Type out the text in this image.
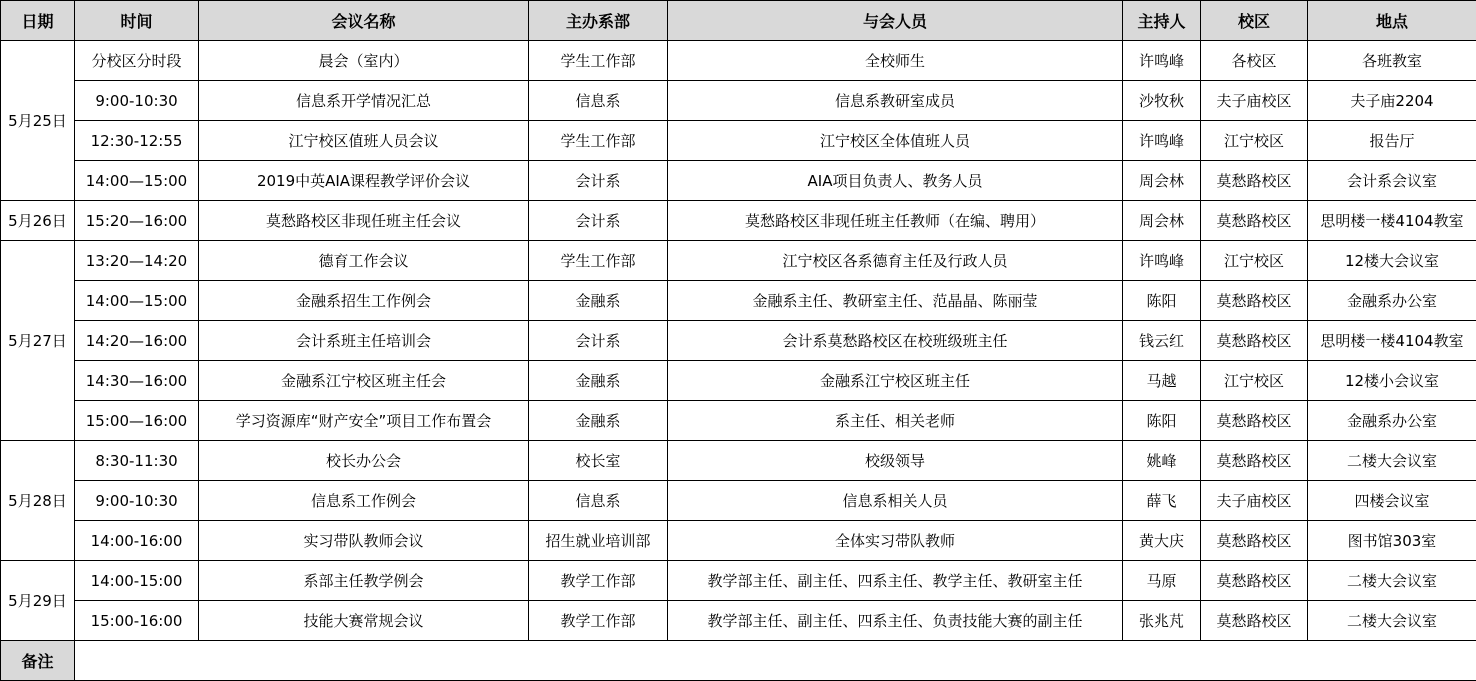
日期	时间	会议名称	主办系部	与会人员	主持人	校区	地点
5月25日	分校区分时段	晨会（室内）	学生工作部	全校师生	许鸣峰	各校区	各班教室
	9:00-10:30	信息系开学情况汇总	信息系	信息系教研室成员	沙牧秋	夫子庙校区	夫子庙2204
	12:30-12:55	江宁校区值班人员会议	学生工作部	江宁校区全体值班人员	许鸣峰	江宁校区	报告厅
	14:00—15:00	2019中英AIA课程教学评价会议	会计系	AIA项目负责人、教务人员	周会林	莫愁路校区	会计系会议室
5月26日	15:20—16:00	莫愁路校区非现任班主任会议	会计系	莫愁路校区非现任班主任教师（在编、聘用）	周会林	莫愁路校区	思明楼一楼4104教室
5月27日	13:20—14:20	德育工作会议	学生工作部	江宁校区各系德育主任及行政人员	许鸣峰	江宁校区	12楼大会议室
	14:00—15:00	金融系招生工作例会	金融系	金融系主任、教研室主任、范晶晶、陈丽莹	陈阳	莫愁路校区	金融系办公室
	14:20—16:00	会计系班主任培训会	会计系	会计系莫愁路校区在校班级班主任	钱云红	莫愁路校区	思明楼一楼4104教室
	14:30—16:00	金融系江宁校区班主任会	金融系	金融系江宁校区班主任	马越	江宁校区	12楼小会议室
	15:00—16:00	学习资源库“财产安全”项目工作布置会	金融系	系主任、相关老师	陈阳	莫愁路校区	金融系办公室
5月28日	8:30-11:30	校长办公会	校长室	校级领导	姚峰	莫愁路校区	二楼大会议室
	9:00-10:30	信息系工作例会	信息系	信息系相关人员	薛飞	夫子庙校区	四楼会议室
	14:00-16:00	实习带队教师会议	招生就业培训部	全体实习带队教师	黄大庆	莫愁路校区	图书馆303室
5月29日	14:00-15:00	系部主任教学例会	教学工作部	教学部主任、副主任、四系主任、教学主任、教研室主任	马原	莫愁路校区	二楼大会议室
	15:00-16:00	技能大赛常规会议	教学工作部	教学部主任、副主任、四系主任、负责技能大赛的副主任	张兆芃	莫愁路校区	二楼大会议室
备注							
